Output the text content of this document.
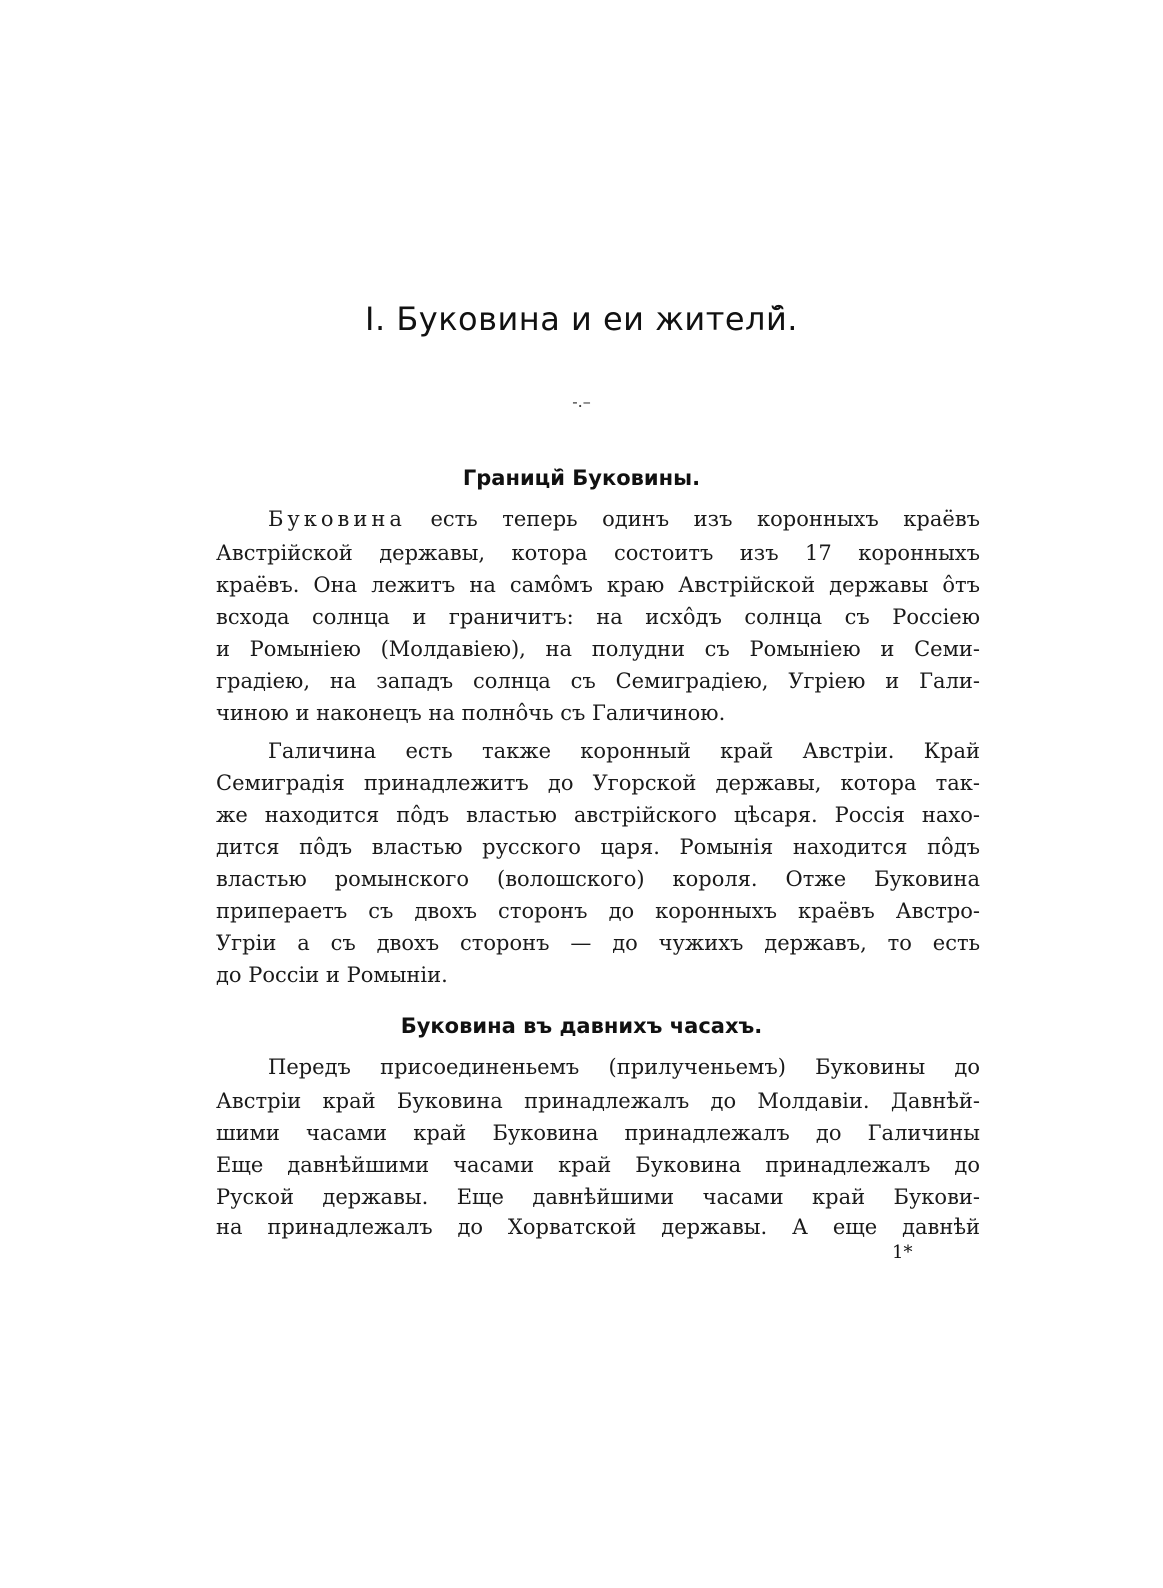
І. Буковина и еи жителй̑.
-.–
Границй̑ Буковины.
Буковина есть теперь одинъ изъ коронныхъ краёвъ
Австрійской державы, котора состоитъ изъ 17 коронныхъ
краёвъ. Она лежитъ на самôмъ краю Австрійской державы ôтъ
всхода солнца и граничитъ: на исхôдъ солнца съ Россіею
и Ромыніею (Молдавіею), на полудни съ Ромыніею и Семи-
градіею, на западъ солнца съ Семиградіею, Угріею и Гали-
чиною и наконецъ на полнôчь съ Галичиною.
Галичина есть также коронный край Австріи. Край
Семиградія принадлежитъ до Угорской державы, котора так-
же находится пôдъ властью австрійского цѣсаря. Россія нахо-
дится пôдъ властью русского царя. Ромынія находится пôдъ
властью ромынского (волошского) короля. Отже Буковина
припераетъ съ двохъ сторонъ до коронныхъ краёвъ Австро-
Угріи а съ двохъ сторонъ — до чужихъ державъ, то есть
до Россіи и Ромыніи.
Буковина въ давнихъ часахъ.
Передъ присоединеньемъ (прилученьемъ) Буковины до
Австріи край Буковина принадлежалъ до Молдавіи. Давнѣй-
шими часами край Буковина принадлежалъ до Галичины
Еще давнѣйшими часами край Буковина принадлежалъ до
Руской державы. Еще давнѣйшими часами край Букови-
на принадлежалъ до Хорватской державы. А еще давнѣй
1*
